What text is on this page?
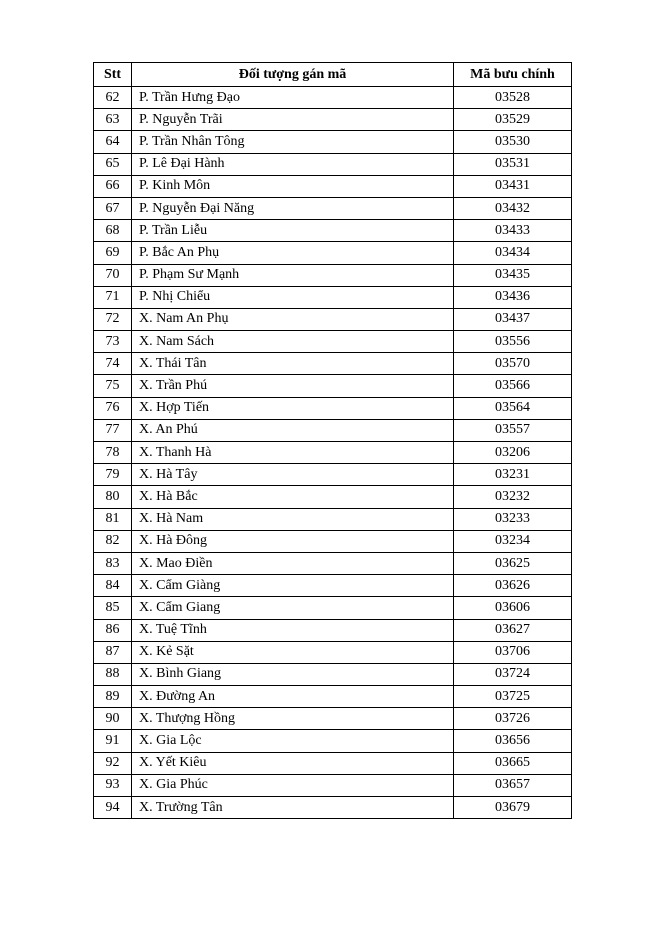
Stt	Đối tượng gán mã	Mã bưu chính
62	P. Trần Hưng Đạo	03528
63	P. Nguyễn Trãi	03529
64	P. Trần Nhân Tông	03530
65	P. Lê Đại Hành	03531
66	P. Kinh Môn	03431
67	P. Nguyễn Đại Năng	03432
68	P. Trần Liễu	03433
69	P. Bắc An Phụ	03434
70	P. Phạm Sư Mạnh	03435
71	P. Nhị Chiểu	03436
72	X. Nam An Phụ	03437
73	X. Nam Sách	03556
74	X. Thái Tân	03570
75	X. Trần Phú	03566
76	X. Hợp Tiến	03564
77	X. An Phú	03557
78	X. Thanh Hà	03206
79	X. Hà Tây	03231
80	X. Hà Bắc	03232
81	X. Hà Nam	03233
82	X. Hà Đông	03234
83	X. Mao Điền	03625
84	X. Cẩm Giàng	03626
85	X. Cẩm Giang	03606
86	X. Tuệ Tĩnh	03627
87	X. Kẻ Sặt	03706
88	X. Bình Giang	03724
89	X. Đường An	03725
90	X. Thượng Hồng	03726
91	X. Gia Lộc	03656
92	X. Yết Kiêu	03665
93	X. Gia Phúc	03657
94	X. Trường Tân	03679
